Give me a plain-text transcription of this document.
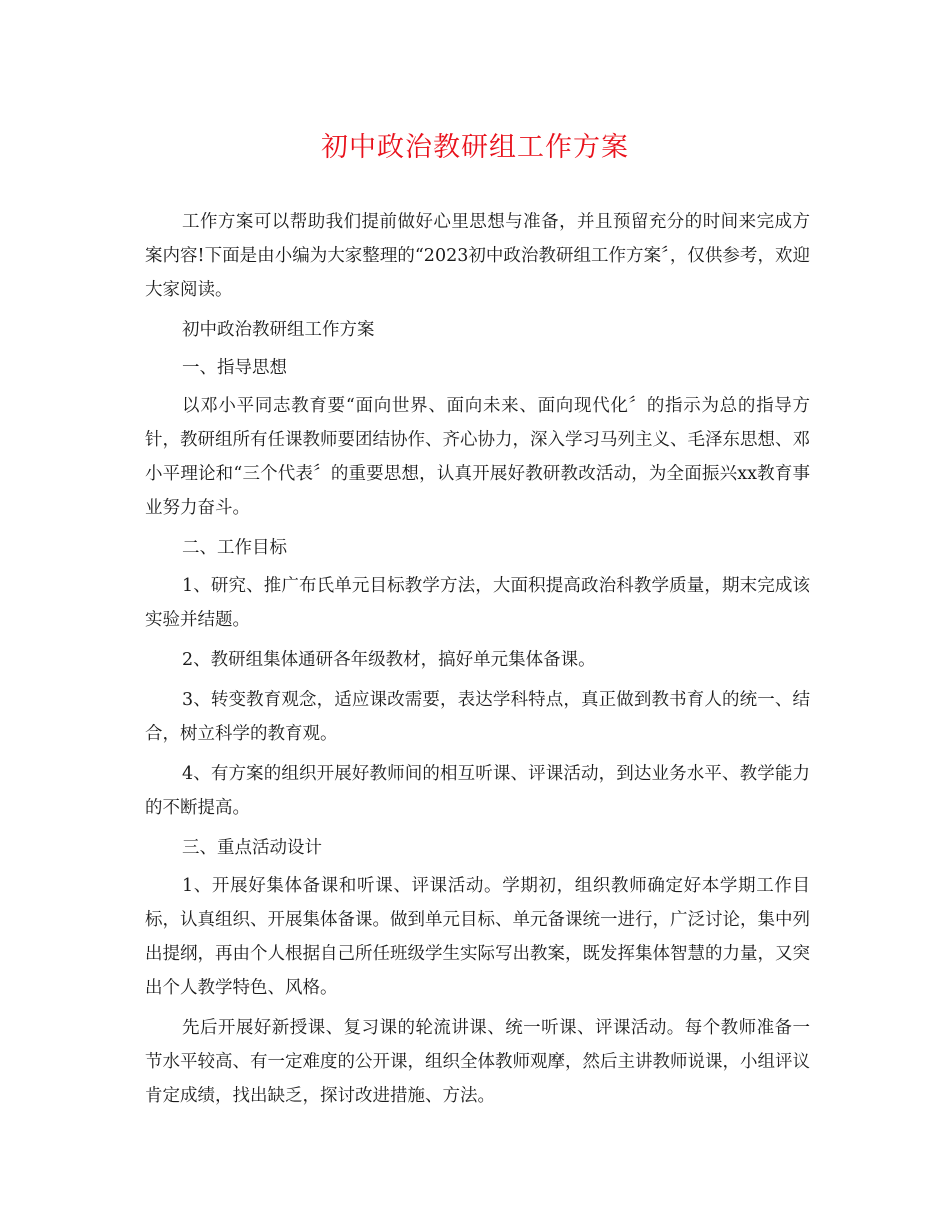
初中政治教研组工作方案

工作方案可以帮助我们提前做好心里思想与准备，并且预留充分的时间来完成方案内容!下面是由小编为大家整理的“2023初中政治教研组工作方案〞，仅供参考，欢迎大家阅读。

初中政治教研组工作方案

一、指导思想

以邓小平同志教育要“面向世界、面向未来、面向现代化〞的指示为总的指导方针，教研组所有任课教师要团结协作、齐心协力，深入学习马列主义、毛泽东思想、邓小平理论和“三个代表〞的重要思想，认真开展好教研教改活动，为全面振兴xx教育事业努力奋斗。

二、工作目标

1、研究、推广布氏单元目标教学方法，大面积提高政治科教学质量，期末完成该实验并结题。

2、教研组集体通研各年级教材，搞好单元集体备课。

3、转变教育观念，适应课改需要，表达学科特点，真正做到教书育人的统一、结合，树立科学的教育观。

4、有方案的组织开展好教师间的相互听课、评课活动，到达业务水平、教学能力的不断提高。

三、重点活动设计

1、开展好集体备课和听课、评课活动。学期初，组织教师确定好本学期工作目标，认真组织、开展集体备课。做到单元目标、单元备课统一进行，广泛讨论，集中列出提纲，再由个人根据自己所任班级学生实际写出教案，既发挥集体智慧的力量，又突出个人教学特色、风格。

先后开展好新授课、复习课的轮流讲课、统一听课、评课活动。每个教师准备一节水平较高、有一定难度的公开课，组织全体教师观摩，然后主讲教师说课，小组评议肯定成绩，找出缺乏，探讨改进措施、方法。
